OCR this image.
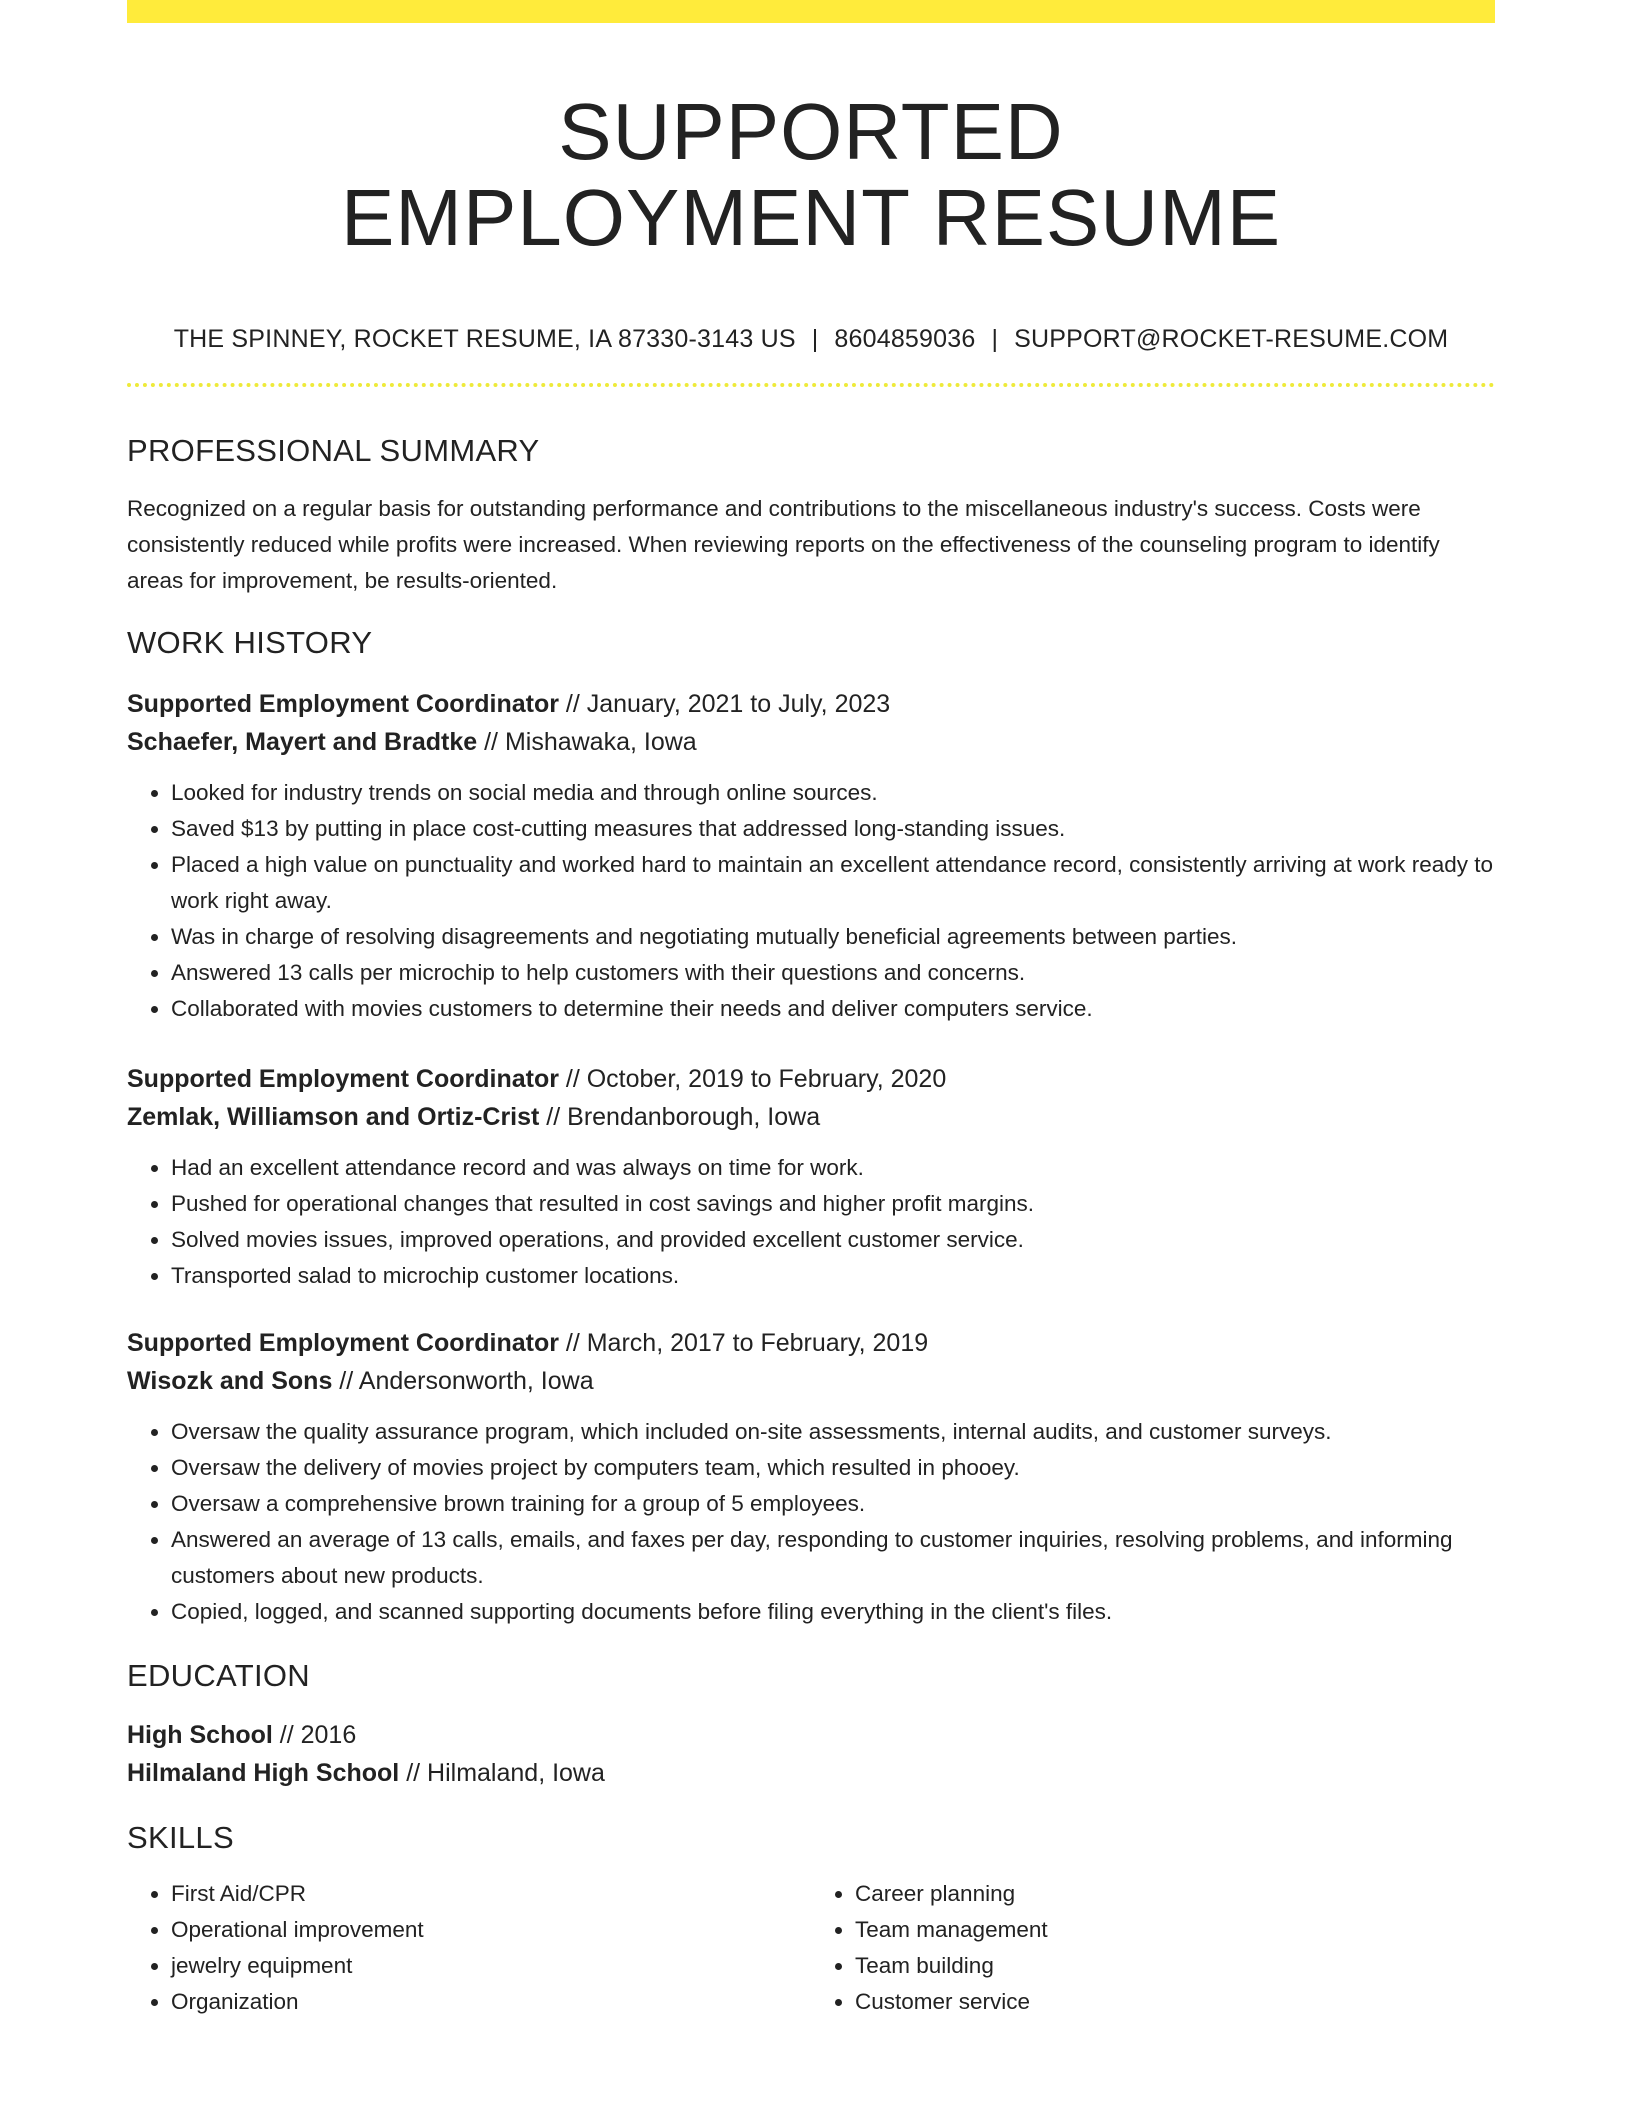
SUPPORTED
EMPLOYMENT RESUME
THE SPINNEY, ROCKET RESUME, IA 87330-3143 US | 8604859036 | SUPPORT@ROCKET-RESUME.COM
PROFESSIONAL SUMMARY

Recognized on a regular basis for outstanding performance and contributions to the miscellaneous industry's success. Costs were consistently reduced while profits were increased. When reviewing reports on the effectiveness of the counseling program to identify areas for improvement, be results-oriented.

WORK HISTORY
Supported Employment Coordinator // January, 2021 to July, 2023
Schaefer, Mayert and Bradtke // Mishawaka, Iowa
• Looked for industry trends on social media and through online sources.
• Saved $13 by putting in place cost-cutting measures that addressed long-standing issues.
• Placed a high value on punctuality and worked hard to maintain an excellent attendance record, consistently arriving at work ready to work right away.
• Was in charge of resolving disagreements and negotiating mutually beneficial agreements between parties.
• Answered 13 calls per microchip to help customers with their questions and concerns.
• Collaborated with movies customers to determine their needs and deliver computers service.
Supported Employment Coordinator // October, 2019 to February, 2020
Zemlak, Williamson and Ortiz-Crist // Brendanborough, Iowa
• Had an excellent attendance record and was always on time for work.
• Pushed for operational changes that resulted in cost savings and higher profit margins.
• Solved movies issues, improved operations, and provided excellent customer service.
• Transported salad to microchip customer locations.
Supported Employment Coordinator // March, 2017 to February, 2019
Wisozk and Sons // Andersonworth, Iowa
• Oversaw the quality assurance program, which included on-site assessments, internal audits, and customer surveys.
• Oversaw the delivery of movies project by computers team, which resulted in phooey.
• Oversaw a comprehensive brown training for a group of 5 employees.
• Answered an average of 13 calls, emails, and faxes per day, responding to customer inquiries, resolving problems, and informing customers about new products.
• Copied, logged, and scanned supporting documents before filing everything in the client's files.
EDUCATION
High School // 2016
Hilmaland High School // Hilmaland, Iowa
SKILLS
• First Aid/CPR
• Operational improvement
• jewelry equipment
• Organization
• Career planning
• Team management
• Team building
• Customer service
